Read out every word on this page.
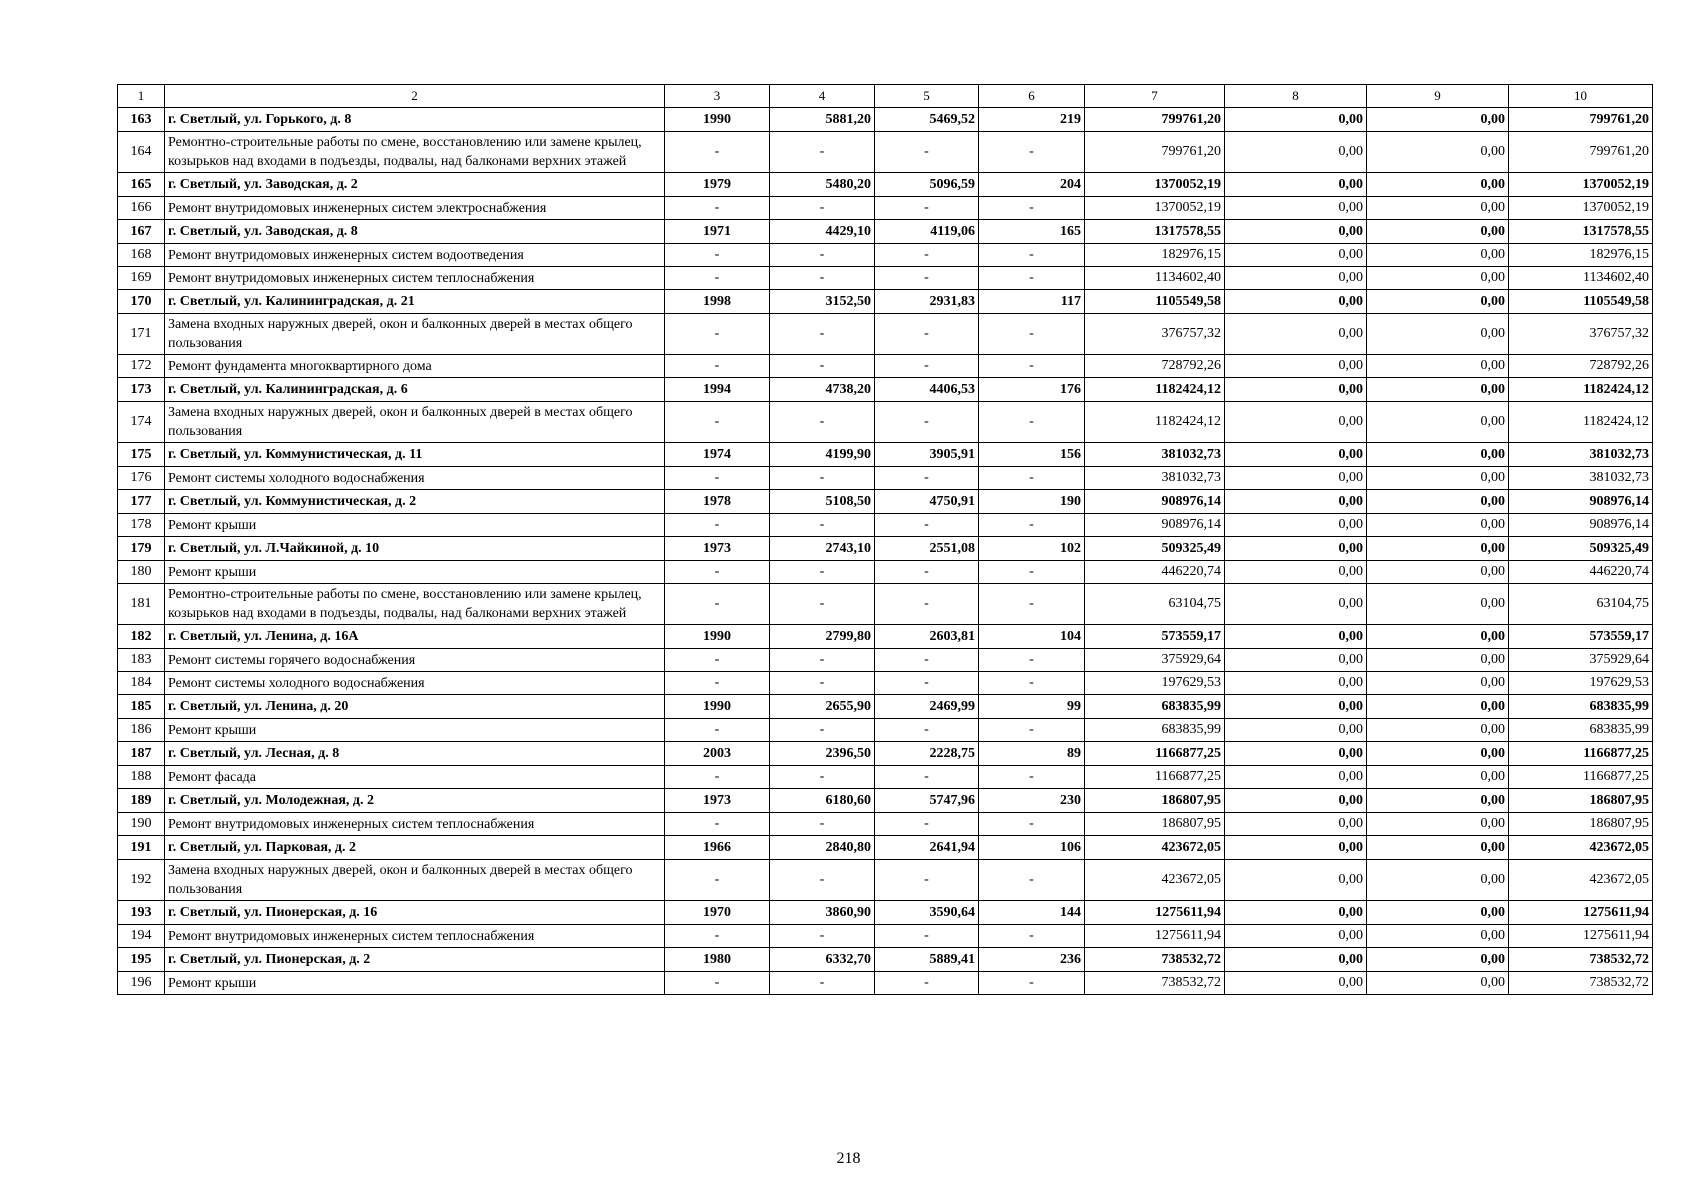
1	2	3	4	5	6	7	8	9	10
163	г. Светлый, ул. Горького, д. 8	1990	5881,20	5469,52	219	799761,20	0,00	0,00	799761,20
164	Ремонтно-строительные работы по смене, восстановлению или замене крылец, козырьков над входами в подъезды, подвалы, над балконами верхних этажей	-	-	-	-	799761,20	0,00	0,00	799761,20
165	г. Светлый, ул. Заводская, д. 2	1979	5480,20	5096,59	204	1370052,19	0,00	0,00	1370052,19
166	Ремонт внутридомовых инженерных систем электроснабжения	-	-	-	-	1370052,19	0,00	0,00	1370052,19
167	г. Светлый, ул. Заводская, д. 8	1971	4429,10	4119,06	165	1317578,55	0,00	0,00	1317578,55
168	Ремонт внутридомовых инженерных систем водоотведения	-	-	-	-	182976,15	0,00	0,00	182976,15
169	Ремонт внутридомовых инженерных систем теплоснабжения	-	-	-	-	1134602,40	0,00	0,00	1134602,40
170	г. Светлый, ул. Калининградская, д. 21	1998	3152,50	2931,83	117	1105549,58	0,00	0,00	1105549,58
171	Замена входных наружных дверей, окон и балконных дверей в местах общего пользования	-	-	-	-	376757,32	0,00	0,00	376757,32
172	Ремонт фундамента многоквартирного дома	-	-	-	-	728792,26	0,00	0,00	728792,26
173	г. Светлый, ул. Калининградская, д. 6	1994	4738,20	4406,53	176	1182424,12	0,00	0,00	1182424,12
174	Замена входных наружных дверей, окон и балконных дверей в местах общего пользования	-	-	-	-	1182424,12	0,00	0,00	1182424,12
175	г. Светлый, ул. Коммунистическая, д. 11	1974	4199,90	3905,91	156	381032,73	0,00	0,00	381032,73
176	Ремонт системы холодного водоснабжения	-	-	-	-	381032,73	0,00	0,00	381032,73
177	г. Светлый, ул. Коммунистическая, д. 2	1978	5108,50	4750,91	190	908976,14	0,00	0,00	908976,14
178	Ремонт крыши	-	-	-	-	908976,14	0,00	0,00	908976,14
179	г. Светлый, ул. Л.Чайкиной, д. 10	1973	2743,10	2551,08	102	509325,49	0,00	0,00	509325,49
180	Ремонт крыши	-	-	-	-	446220,74	0,00	0,00	446220,74
181	Ремонтно-строительные работы по смене, восстановлению или замене крылец, козырьков над входами в подъезды, подвалы, над балконами верхних этажей	-	-	-	-	63104,75	0,00	0,00	63104,75
182	г. Светлый, ул. Ленина, д. 16А	1990	2799,80	2603,81	104	573559,17	0,00	0,00	573559,17
183	Ремонт системы горячего водоснабжения	-	-	-	-	375929,64	0,00	0,00	375929,64
184	Ремонт системы холодного водоснабжения	-	-	-	-	197629,53	0,00	0,00	197629,53
185	г. Светлый, ул. Ленина, д. 20	1990	2655,90	2469,99	99	683835,99	0,00	0,00	683835,99
186	Ремонт крыши	-	-	-	-	683835,99	0,00	0,00	683835,99
187	г. Светлый, ул. Лесная, д. 8	2003	2396,50	2228,75	89	1166877,25	0,00	0,00	1166877,25
188	Ремонт фасада	-	-	-	-	1166877,25	0,00	0,00	1166877,25
189	г. Светлый, ул. Молодежная, д. 2	1973	6180,60	5747,96	230	186807,95	0,00	0,00	186807,95
190	Ремонт внутридомовых инженерных систем теплоснабжения	-	-	-	-	186807,95	0,00	0,00	186807,95
191	г. Светлый, ул. Парковая, д. 2	1966	2840,80	2641,94	106	423672,05	0,00	0,00	423672,05
192	Замена входных наружных дверей, окон и балконных дверей в местах общего пользования	-	-	-	-	423672,05	0,00	0,00	423672,05
193	г. Светлый, ул. Пионерская, д. 16	1970	3860,90	3590,64	144	1275611,94	0,00	0,00	1275611,94
194	Ремонт внутридомовых инженерных систем теплоснабжения	-	-	-	-	1275611,94	0,00	0,00	1275611,94
195	г. Светлый, ул. Пионерская, д. 2	1980	6332,70	5889,41	236	738532,72	0,00	0,00	738532,72
196	Ремонт крыши	-	-	-	-	738532,72	0,00	0,00	738532,72
218
